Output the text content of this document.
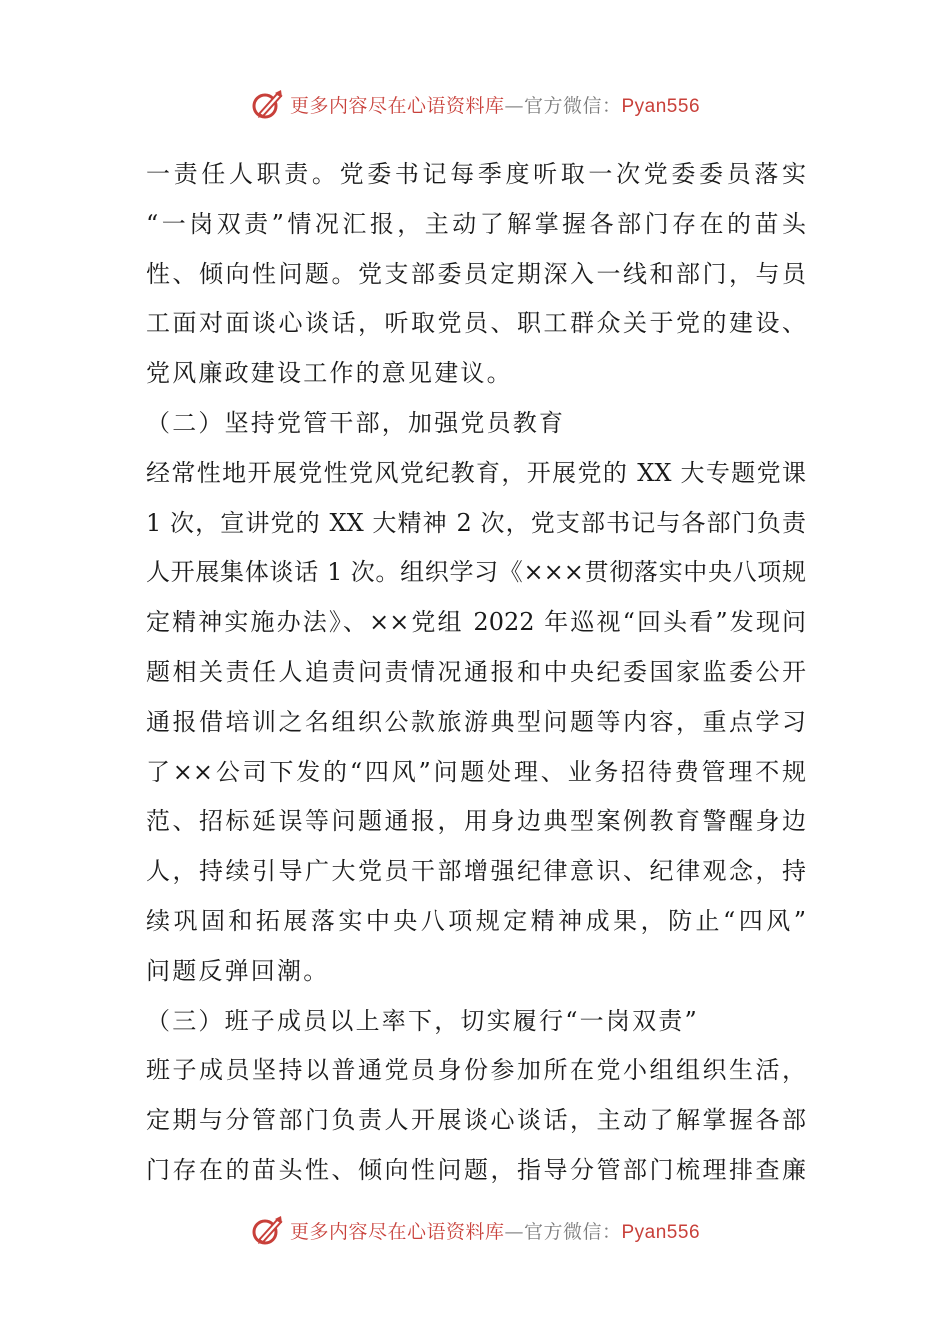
更多内容尽在心语资料库—官方微信：Pyan556
一责任人职责。党委书记每季度听取一次党委委员落实
“一岗双责”情况汇报，主动了解掌握各部门存在的苗头
性、倾向性问题。党支部委员定期深入一线和部门，与员
工面对面谈心谈话，听取党员、职工群众关于党的建设、
党风廉政建设工作的意见建议。
（二）坚持党管干部，加强党员教育
经常性地开展党性党风党纪教育，开展党的 XX 大专题党课
1 次，宣讲党的 XX 大精神 2 次，党支部书记与各部门负责
人开展集体谈话 1 次。组织学习《×××贯彻落实中央八项规
定精神实施办法》、××党组 2022 年巡视“回头看”发现问
题相关责任人追责问责情况通报和中央纪委国家监委公开
通报借培训之名组织公款旅游典型问题等内容，重点学习
了××公司下发的“四风”问题处理、业务招待费管理不规
范、招标延误等问题通报，用身边典型案例教育警醒身边
人，持续引导广大党员干部增强纪律意识、纪律观念，持
续巩固和拓展落实中央八项规定精神成果，防止“四风”
问题反弹回潮。
（三）班子成员以上率下，切实履行“一岗双责”
班子成员坚持以普通党员身份参加所在党小组组织生活，
定期与分管部门负责人开展谈心谈话，主动了解掌握各部
门存在的苗头性、倾向性问题，指导分管部门梳理排查廉
更多内容尽在心语资料库—官方微信：Pyan556
